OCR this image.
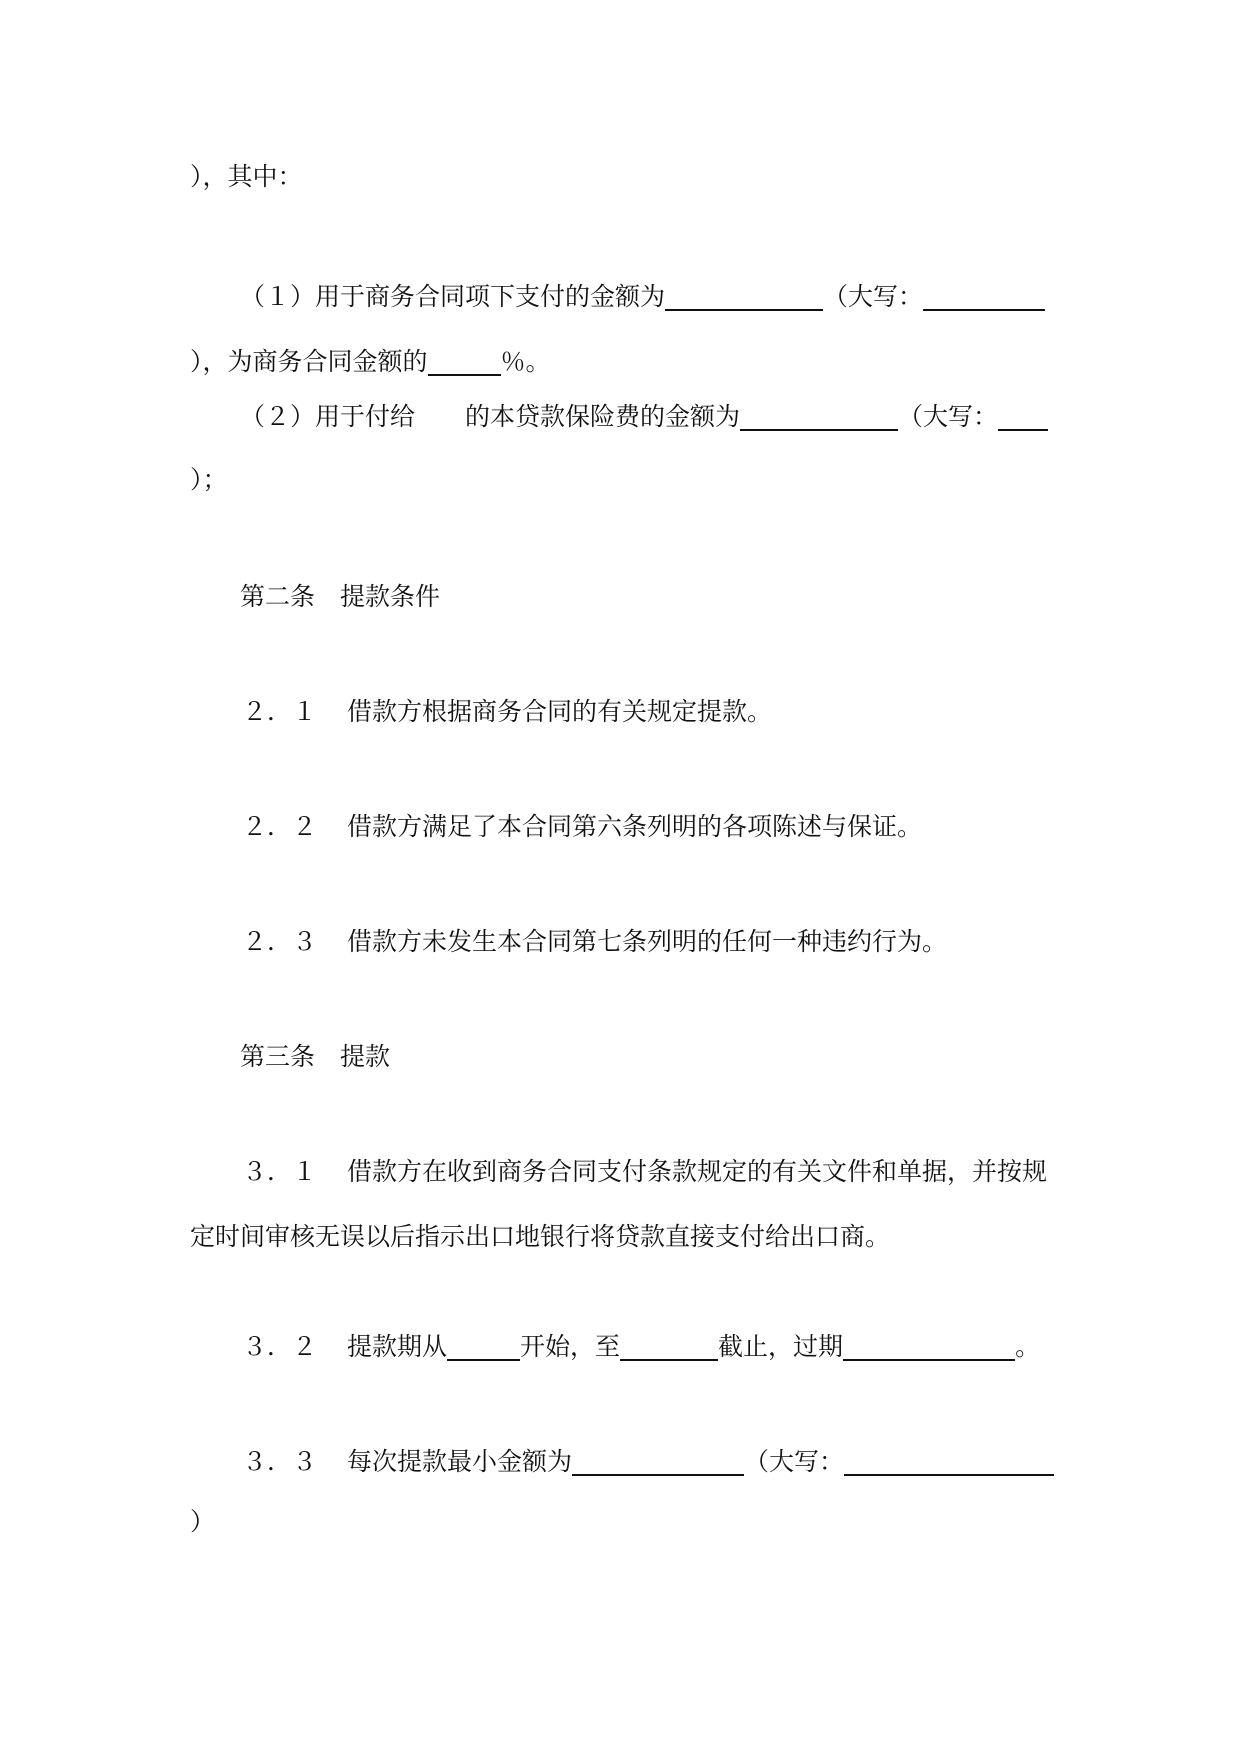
），其中：
（１）用于商务合同项下支付的金额为	（大写：
），为商务合同金额的	％。
（２）用于付给 的本贷款保险费的金额为	（大写：
）；
第二条 提款条件
２．１ 借款方根据商务合同的有关规定提款。
２．２ 借款方满足了本合同第六条列明的各项陈述与保证。
２．３ 借款方未发生本合同第七条列明的任何一种违约行为。
第三条 提款
３．１ 借款方在收到商务合同支付条款规定的有关文件和单据，并按规
定时间审核无误以后指示出口地银行将贷款直接支付给出口商。
３．２ 提款期从	开始，至	截止，过期	。
３．３ 每次提款最小金额为	（大写：
）
